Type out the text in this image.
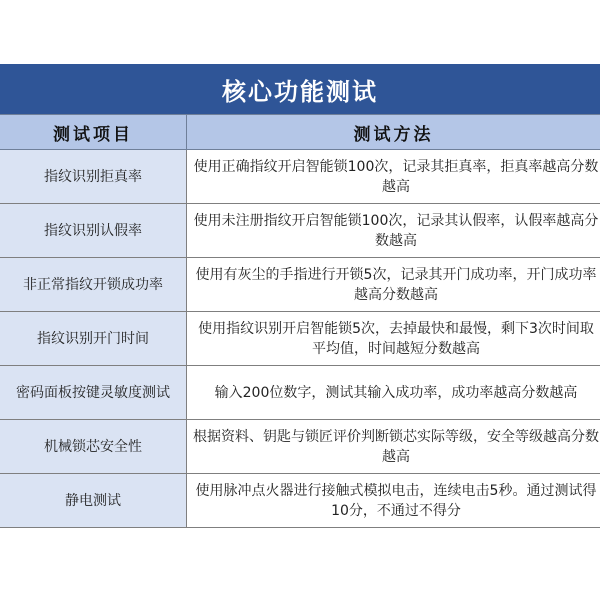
核心功能测试
测试项目	测试方法
指纹识别拒真率
使用正确指纹开启智能锁100次，记录其拒真率，拒真率越高分数越高
指纹识别认假率
使用未注册指纹开启智能锁100次，记录其认假率，认假率越高分数越高
非正常指纹开锁成功率
使用有灰尘的手指进行开锁5次，记录其开门成功率，开门成功率越高分数越高
指纹识别开门时间
使用指纹识别开启智能锁5次，去掉最快和最慢，剩下3次时间取平均值，时间越短分数越高
密码面板按键灵敏度测试	输入200位数字，测试其输入成功率，成功率越高分数越高
机械锁芯安全性
根据资料、钥匙与锁匠评价判断锁芯实际等级，安全等级越高分数越高
静电测试
使用脉冲点火器进行接触式模拟电击，连续电击5秒。通过测试得10分，不通过不得分
